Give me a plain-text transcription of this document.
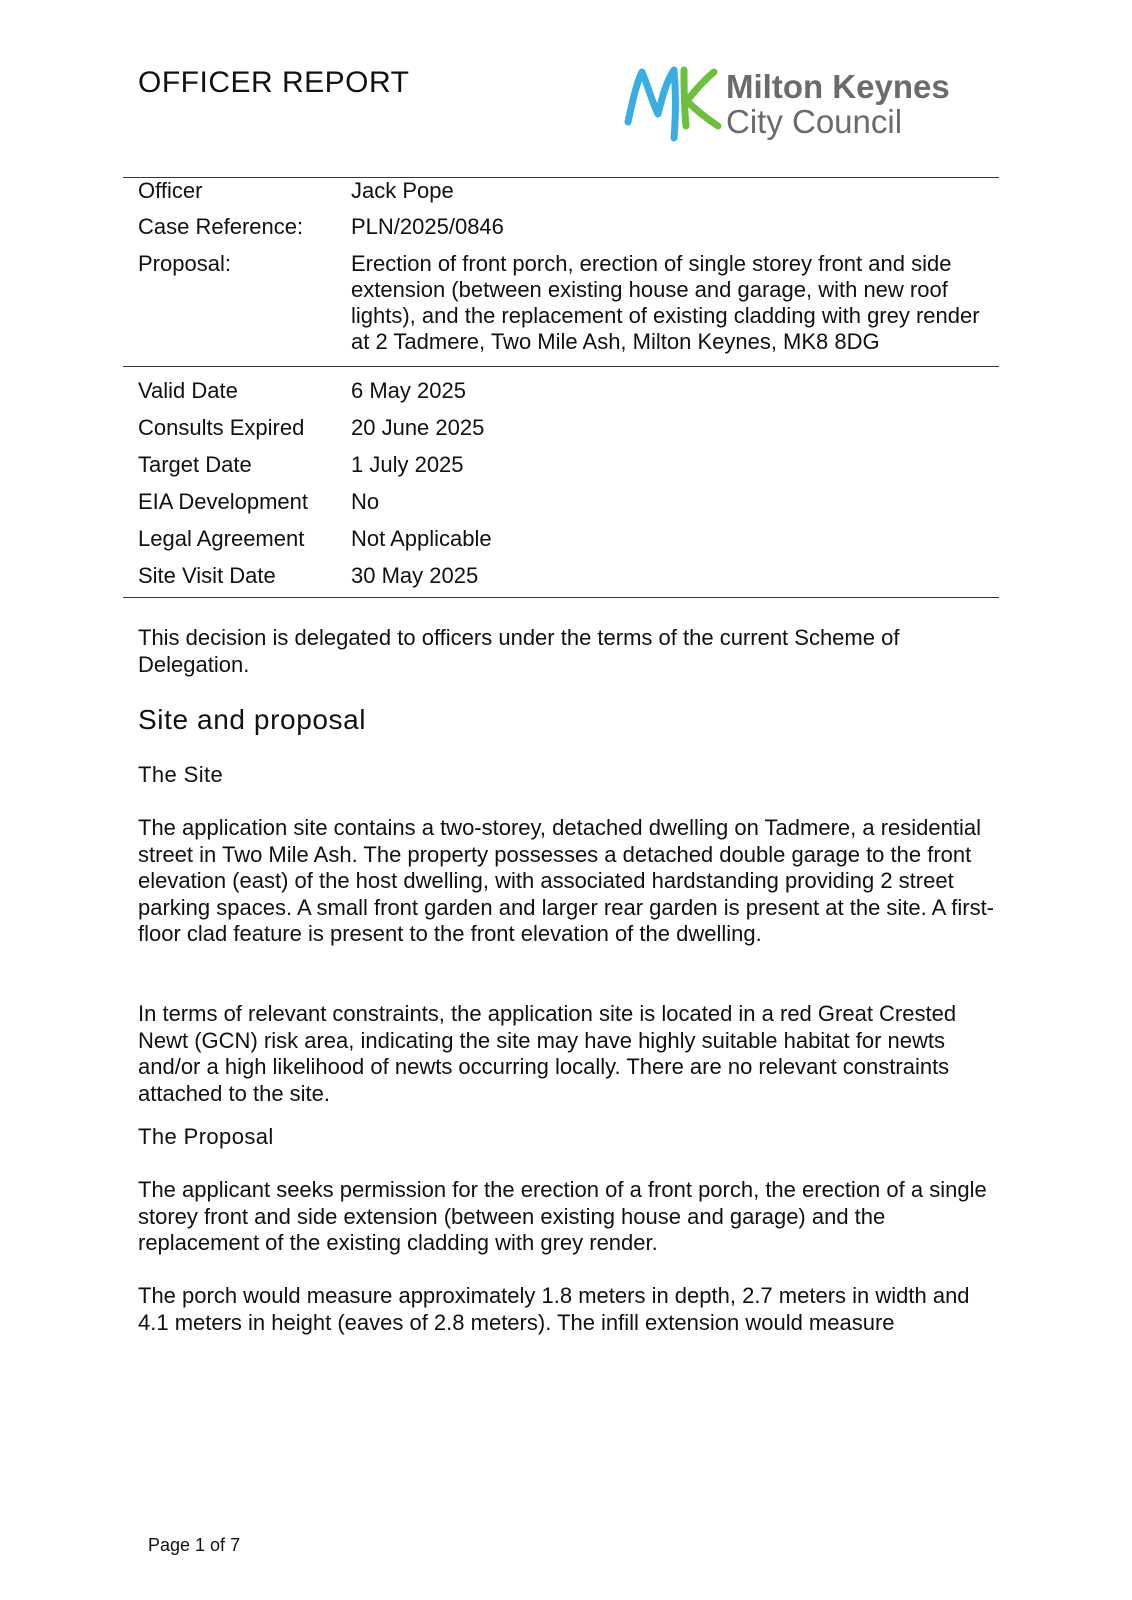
OFFICER REPORT	Milton Keynes
City Council
Officer	Jack Pope
Case Reference: PLN/2025/0846
Proposal:	Erection of front porch, erection of single storey front and side extension (between existing house and garage, with new roof lights), and the replacement of existing cladding with grey render at 2 Tadmere, Two Mile Ash, Milton Keynes, MK8 8DG
Valid Date	6 May 2025
Consults Expired 20 June 2025
Target Date	1 July 2025
EIA Development No
Legal Agreement Not Applicable
Site Visit Date	30 May 2025

This decision is delegated to officers under the terms of the current Scheme of Delegation.

Site and proposal
The Site

The application site contains a two-storey, detached dwelling on Tadmere, a residential street in Two Mile Ash. The property possesses a detached double garage to the front elevation (east) of the host dwelling, with associated hardstanding providing 2 street parking spaces. A small front garden and larger rear garden is present at the site. A first-floor clad feature is present to the front elevation of the dwelling.

In terms of relevant constraints, the application site is located in a red Great Crested Newt (GCN) risk area, indicating the site may have highly suitable habitat for newts and/or a high likelihood of newts occurring locally. There are no relevant constraints attached to the site.

The Proposal

The applicant seeks permission for the erection of a front porch, the erection of a single storey front and side extension (between existing house and garage) and the replacement of the existing cladding with grey render.

The porch would measure approximately 1.8 meters in depth, 2.7 meters in width and 4.1 meters in height (eaves of 2.8 meters). The infill extension would measure

Page 1 of 7
